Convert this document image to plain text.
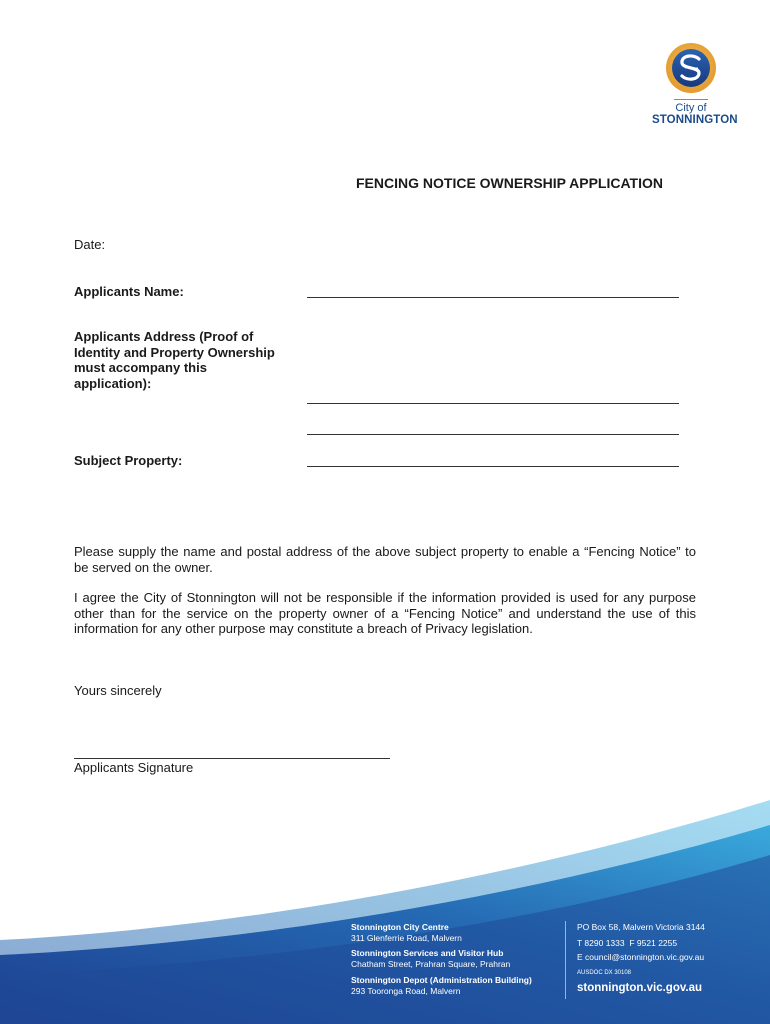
City of
STONNINGTON
FENCING NOTICE OWNERSHIP APPLICATION
Date:
Applicants Name:
Applicants Address (Proof of Identity and Property Ownership must accompany this application):
Subject Property:
Please supply the name and postal address of the above subject property to enable a “Fencing Notice” to be served on the owner.
I agree the City of Stonnington will not be responsible if the information provided is used for any purpose other than for the service on the property owner of a “Fencing Notice” and understand the use of this information for any other purpose may constitute a breach of Privacy legislation.
Yours sincerely
Applicants Signature
Stonnington City Centre
311 Glenferrie Road, Malvern
Stonnington Services and Visitor Hub
Chatham Street, Prahran Square, Prahran
Stonnington Depot (Administration Building)
293 Tooronga Road, Malvern
PO Box 58, Malvern Victoria 3144
T 8290 1333 F 9521 2255
E council@stonnington.vic.gov.au
AUSDOC DX 30108
stonnington.vic.gov.au
